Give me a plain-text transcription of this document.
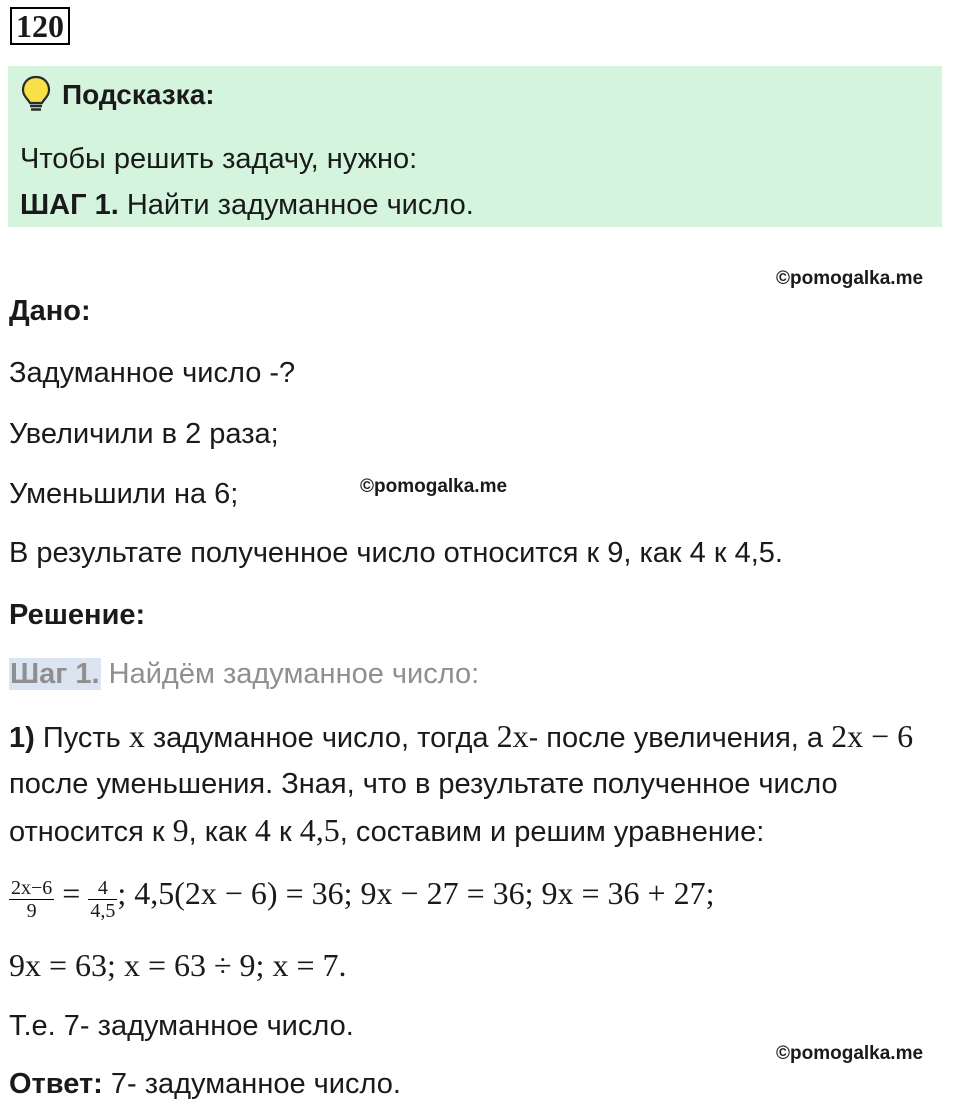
120
Подсказка:
Чтобы решить задачу, нужно:
ШАГ 1. Найти задуманное число.
©pomogalka.me
Дано:
Задуманное число -?
Увеличили в 2 раза;
Уменьшили на 6;	©pomogalka.me
В результате полученное число относится к 9, как 4 к 4,5.
Решение:
Шаг 1. Найдём задуманное число:
1) Пусть x задуманное число, тогда 2x- после увеличения, а 2x − 6 после уменьшения. Зная, что в результате полученное число относится к 9, как 4 к 4,5, составим и решим уравнение:
$\frac{2x-6}{9} = \frac{4}{4,5}$ ; 4,5(2x − 6) = 36; 9x − 27 = 36; 9x = 36 + 27;
9x = 63; x = 63 ÷ 9; x = 7.
Т.е. 7- задуманное число.
©pomogalka.me
Ответ: 7- задуманное число.
